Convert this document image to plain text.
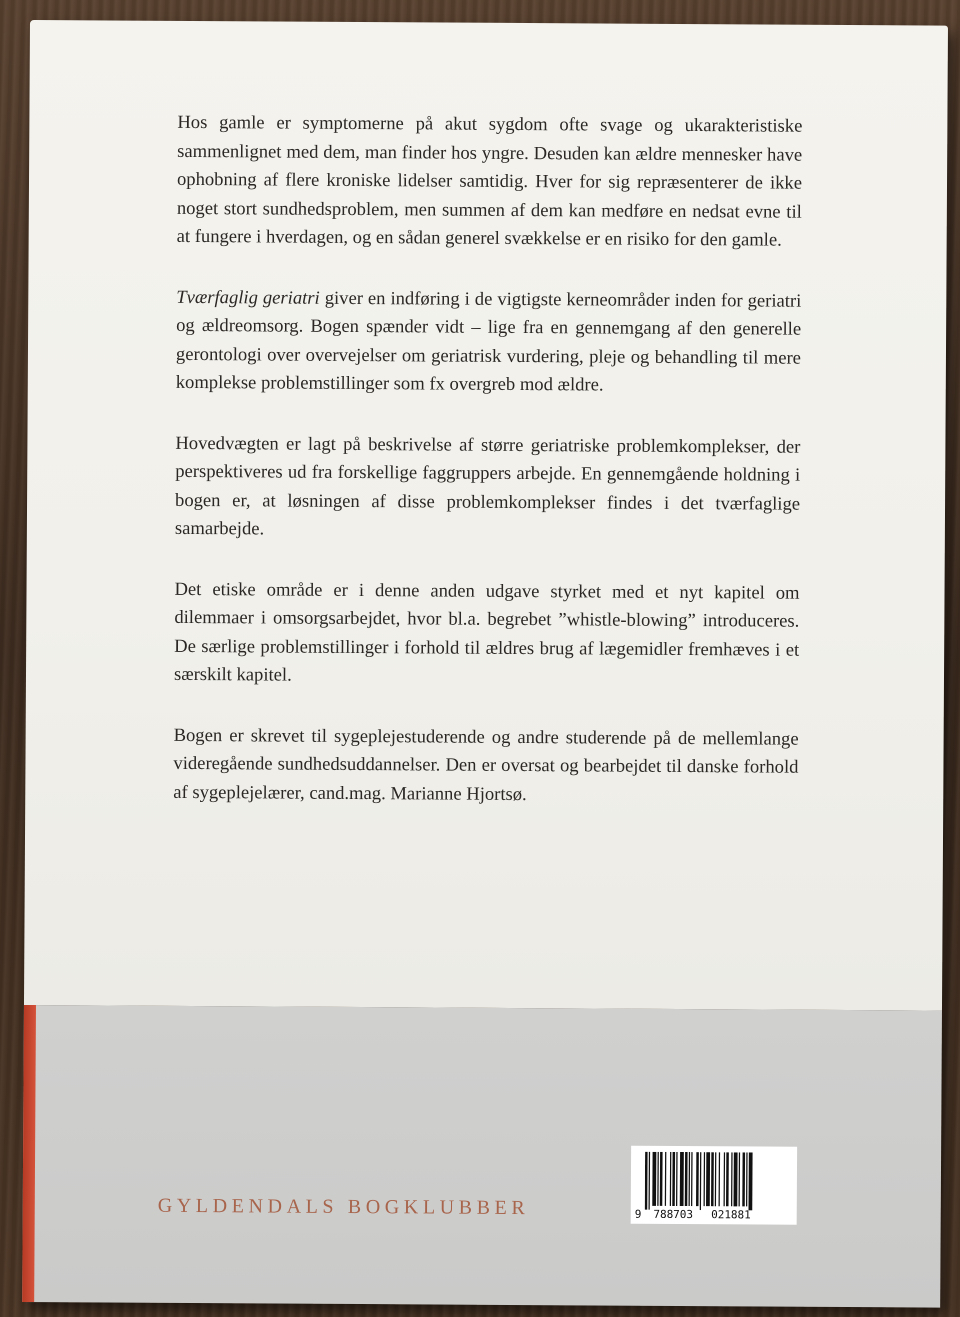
Hos gamle er symptomerne på akut sygdom ofte svage og ukarakteristiske sammenlignet med dem, man finder hos yngre. Desuden kan ældre mennesker have ophobning af flere kroniske lidelser samtidig. Hver for sig repræsenterer de ikke noget stort sundhedsproblem, men summen af dem kan medføre en nedsat evne til at fungere i hverdagen, og en sådan generel svækkelse er en risiko for den gamle.

Tværfaglig geriatri giver en indføring i de vigtigste kerneområder inden for geriatri og ældreomsorg. Bogen spænder vidt – lige fra en gennemgang af den generelle gerontologi over overvejelser om geriatrisk vurdering, pleje og behandling til mere komplekse problemstillinger som fx overgreb mod ældre.

Hovedvægten er lagt på beskrivelse af større geriatriske problemkomplekser, der perspektiveres ud fra forskellige faggruppers arbejde. En gennemgående holdning i bogen er, at løsningen af disse problemkomplekser findes i det tværfaglige samarbejde.

Det etiske område er i denne anden udgave styrket med et nyt kapitel om dilemmaer i omsorgsarbejdet, hvor bl.a. begrebet ”whistle-blowing” introduceres. De særlige problemstillinger i forhold til ældres brug af lægemidler fremhæves i et særskilt kapitel.

Bogen er skrevet til sygeplejestuderende og andre studerende på de mellemlange videregående sundhedsuddannelser. Den er oversat og bearbejdet til danske forhold af sygeplejelærer, cand.mag. Marianne Hjortsø.

GYLDENDALS BOGKLUBBER	9 788703 021881
